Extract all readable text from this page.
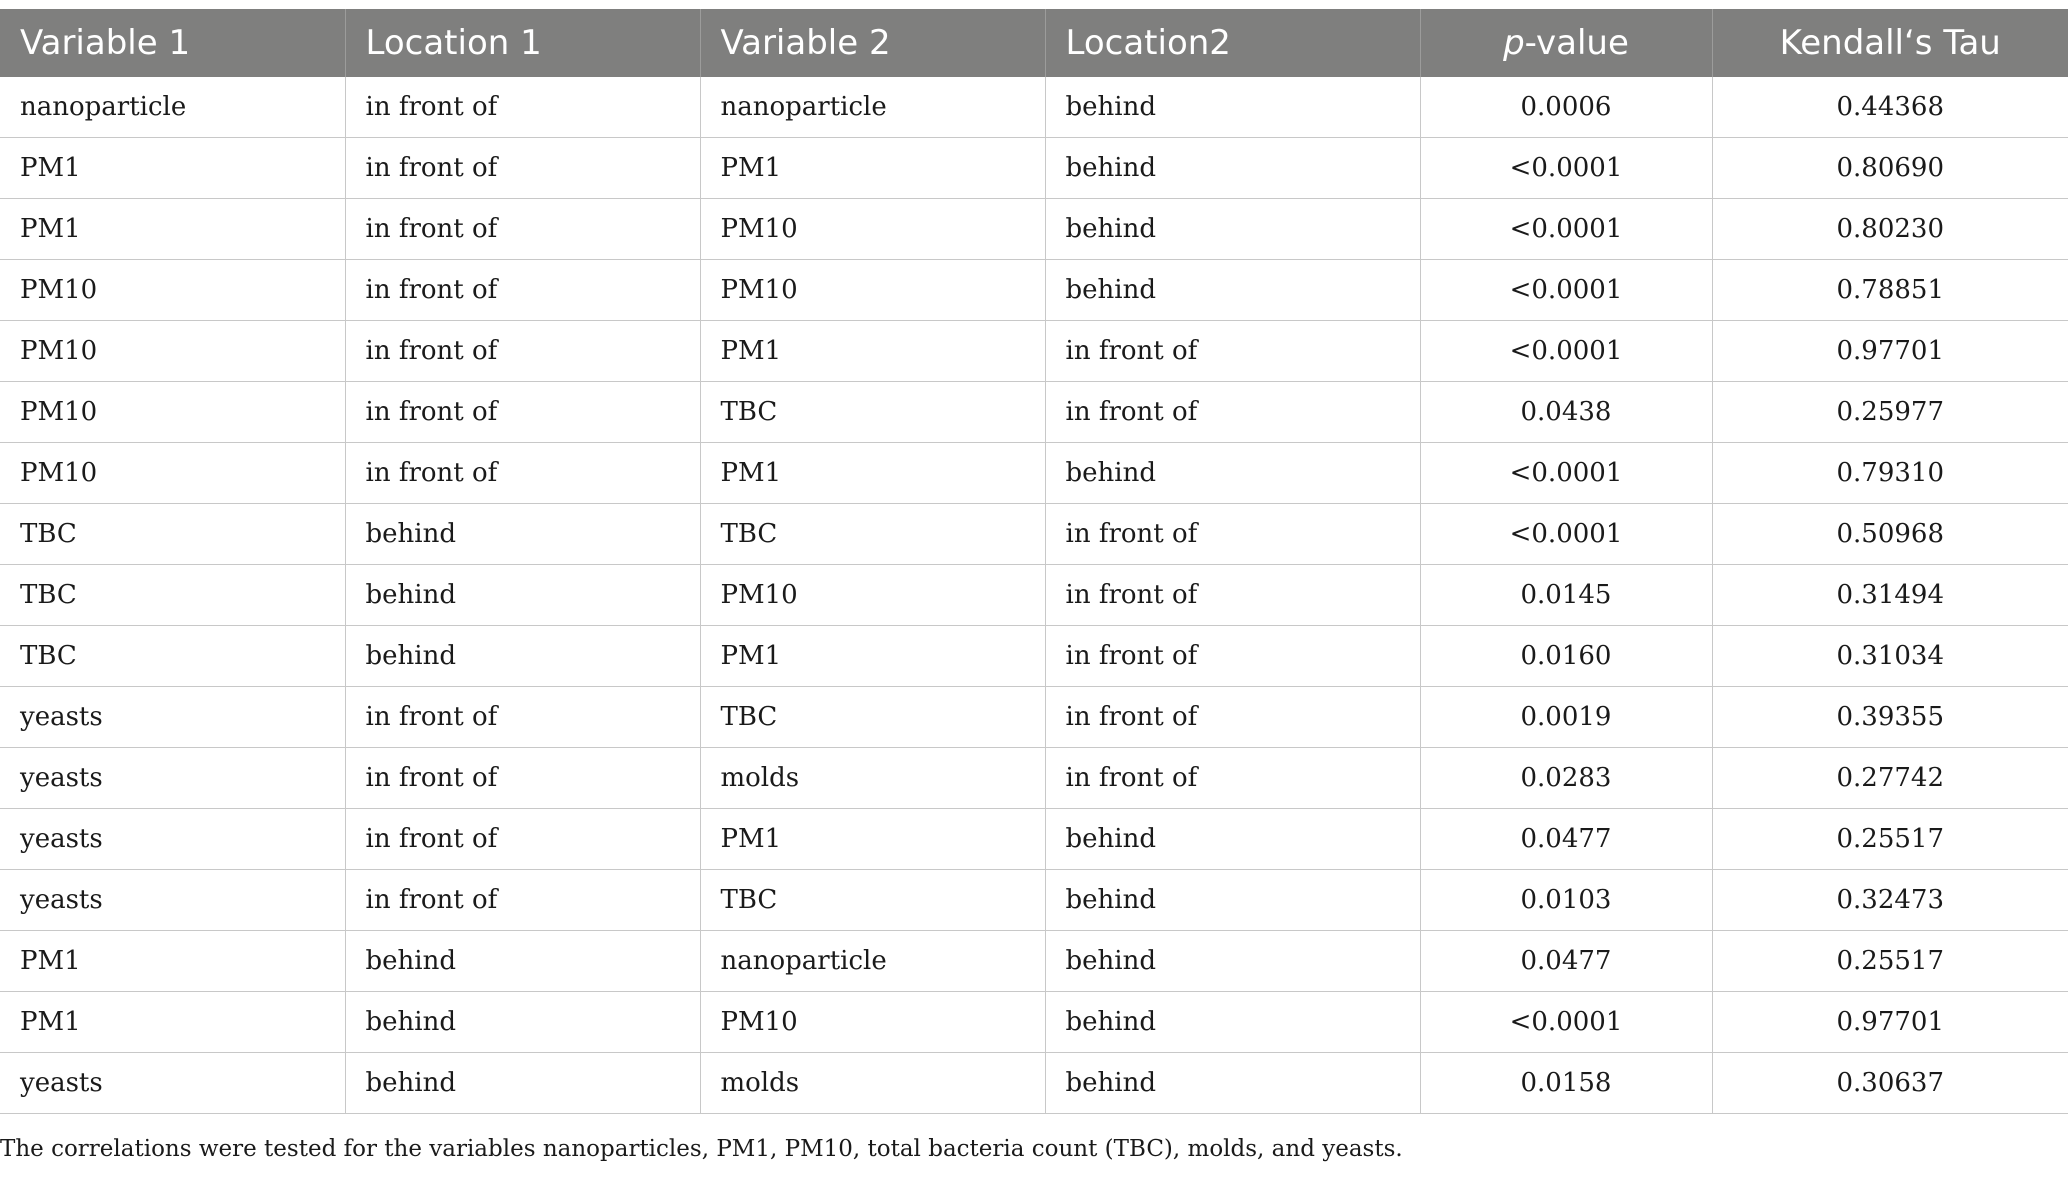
Variable 1	Location 1	Variable 2	Location2	p-value	Kendall‘s Tau
nanoparticle	in front of	nanoparticle	behind	0.0006	0.44368
PM1	in front of	PM1	behind	<0.0001	0.80690
PM1	in front of	PM10	behind	<0.0001	0.80230
PM10	in front of	PM10	behind	<0.0001	0.78851
PM10	in front of	PM1	in front of	<0.0001	0.97701
PM10	in front of	TBC	in front of	0.0438	0.25977
PM10	in front of	PM1	behind	<0.0001	0.79310
TBC	behind	TBC	in front of	<0.0001	0.50968
TBC	behind	PM10	in front of	0.0145	0.31494
TBC	behind	PM1	in front of	0.0160	0.31034
yeasts	in front of	TBC	in front of	0.0019	0.39355
yeasts	in front of	molds	in front of	0.0283	0.27742
yeasts	in front of	PM1	behind	0.0477	0.25517
yeasts	in front of	TBC	behind	0.0103	0.32473
PM1	behind	nanoparticle	behind	0.0477	0.25517
PM1	behind	PM10	behind	<0.0001	0.97701
yeasts	behind	molds	behind	0.0158	0.30637
The correlations were tested for the variables nanoparticles, PM1, PM10, total bacteria count (TBC), molds, and yeasts.
